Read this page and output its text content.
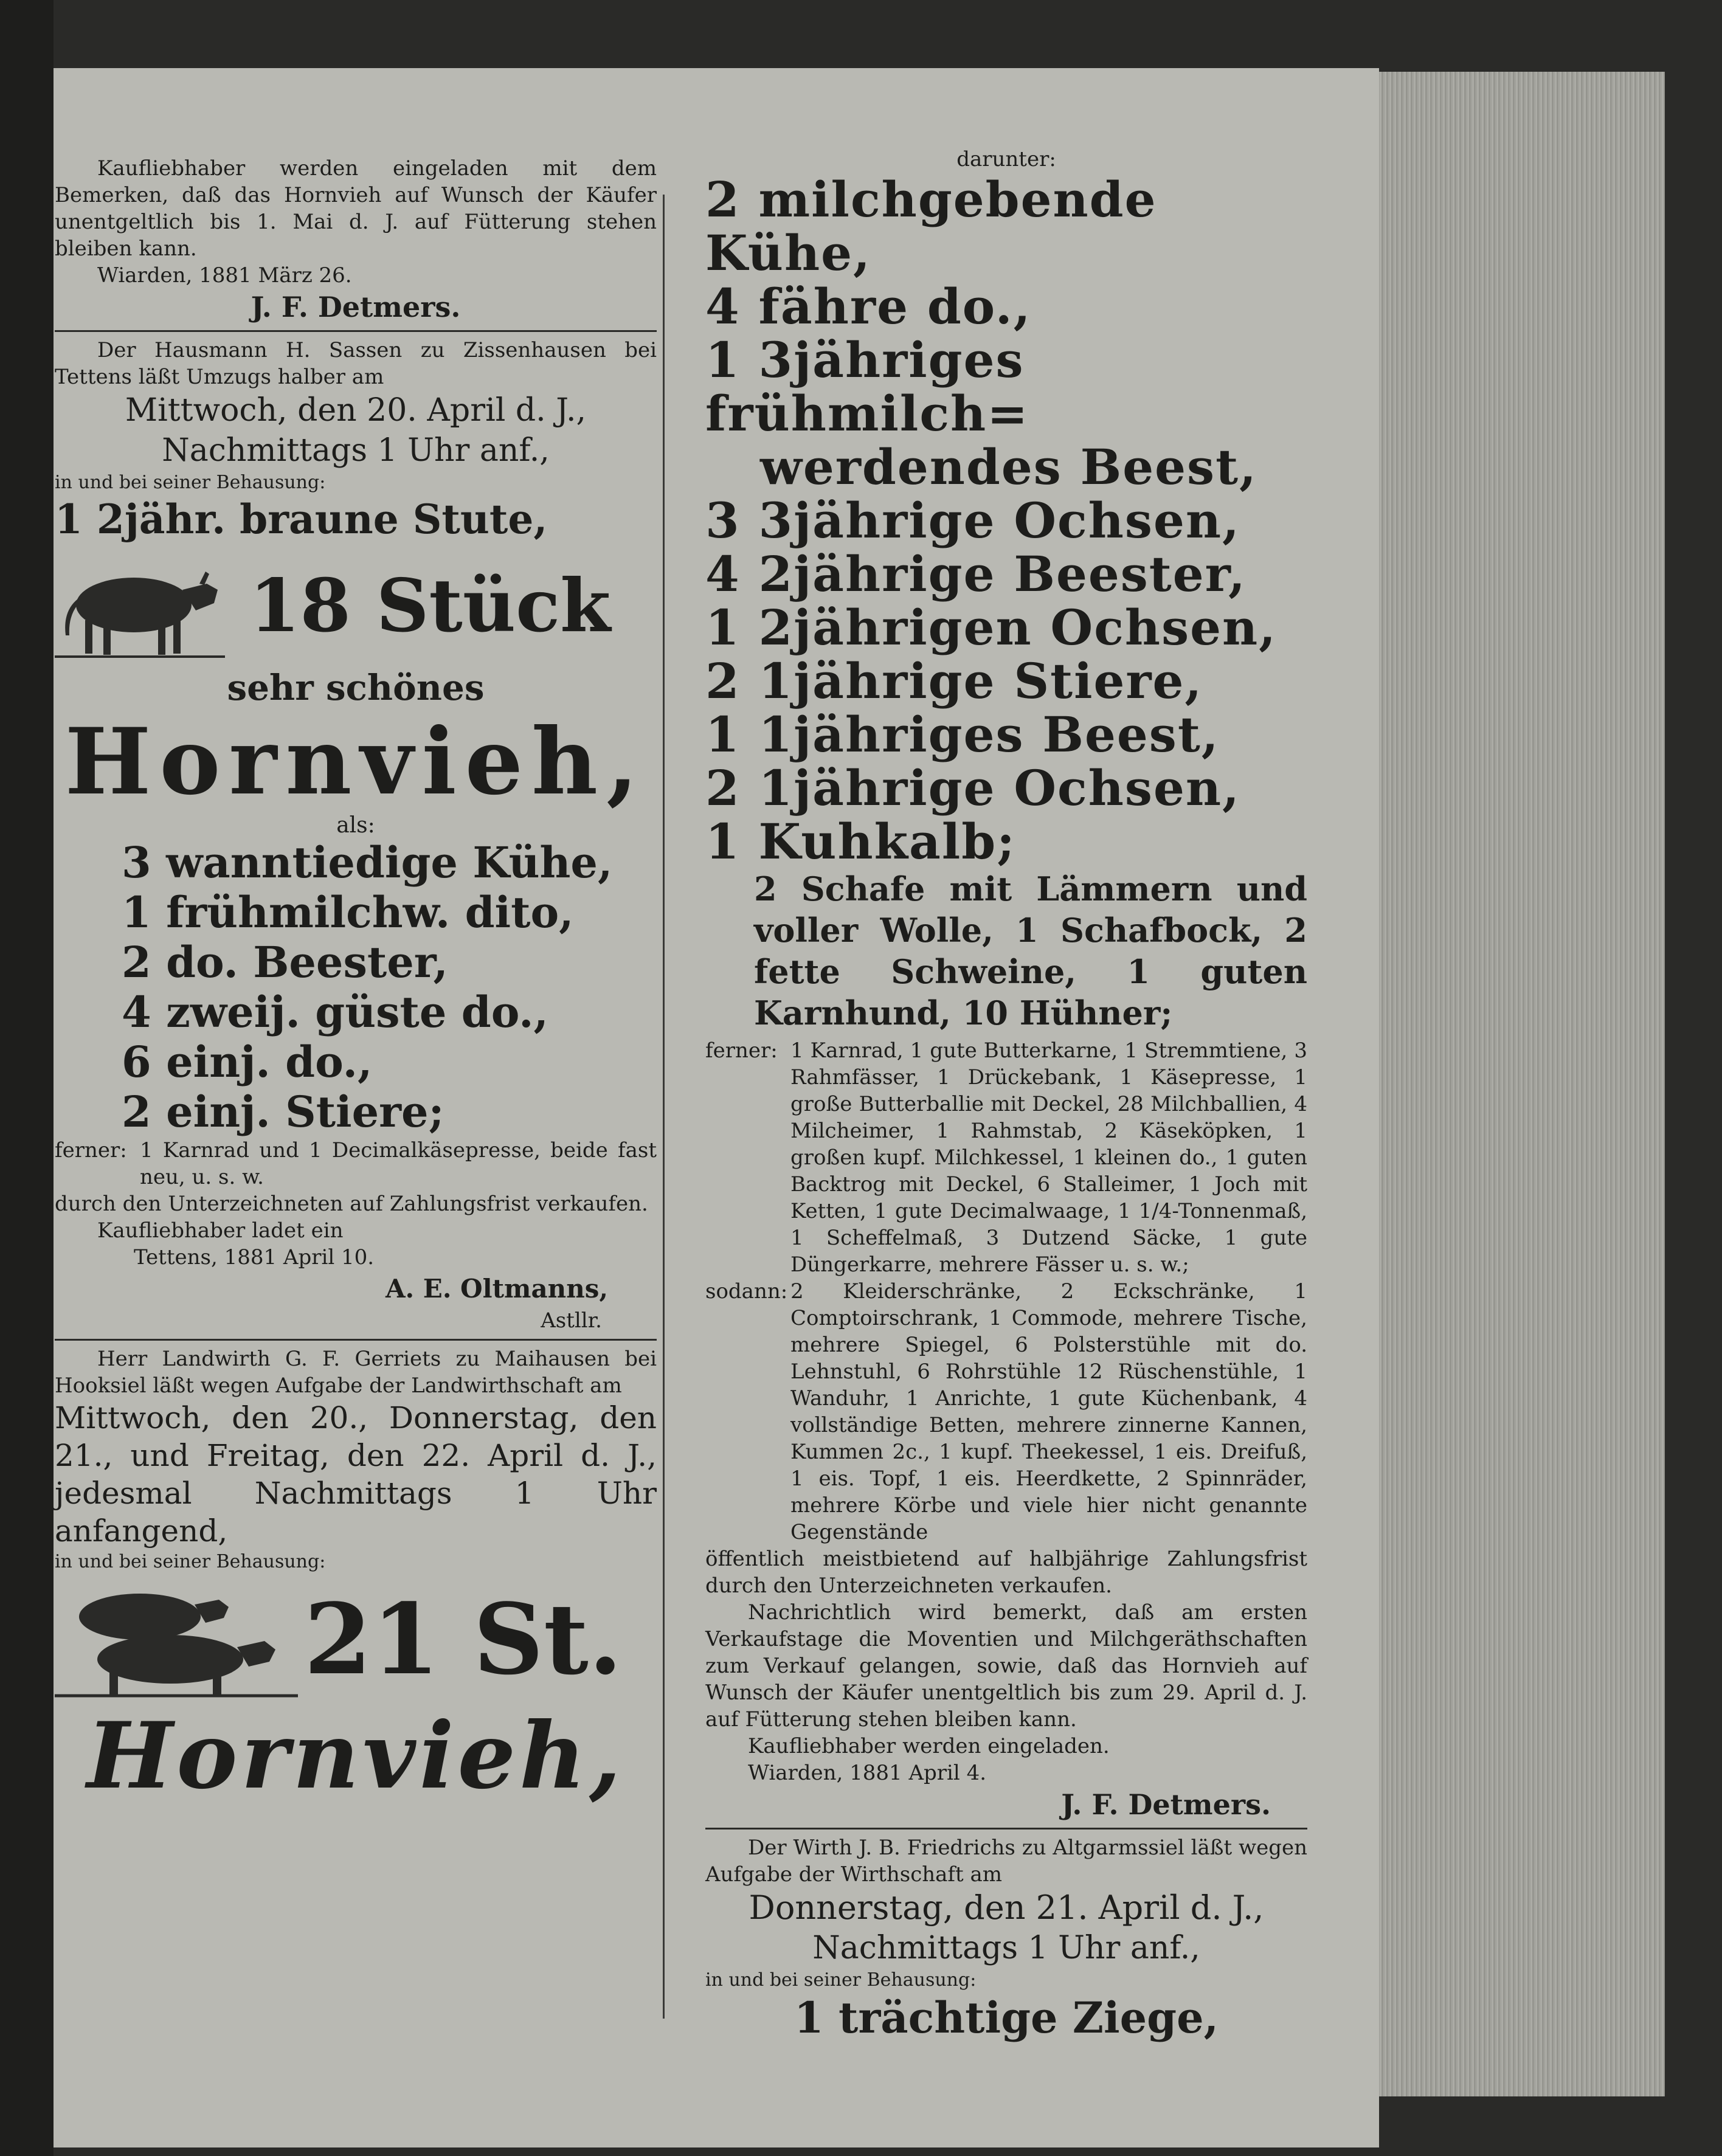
Kaufliebhaber werden eingeladen mit dem Bemerken, daß das Hornvieh auf Wunsch der Käufer unentgeltlich bis 1. Mai d. J. auf Fütterung stehen bleiben kann.

Wiarden, 1881 März 26.

J. F. Detmers.

Der Hausmann H. Sassen zu Zissenhausen bei Tettens läßt Umzugs halber am

Mittwoch, den 20. April d. J.,

Nachmittags 1 Uhr anf.,

in und bei seiner Behausung:

1 2jähr. braune Stute,

18 Stück

sehr schönes

Hornvieh,

als:

3 wanntiedige Kühe,

1 frühmilchw. dito,

2 do. Beester,

4 zweij. güste do.,

6 einj. do.,

2 einj. Stiere;

ferner: 1 Karnrad und 1 Decimalkäsepresse, beide fast neu, u. s. w.

durch den Unterzeichneten auf Zahlungsfrist verkaufen.

Kaufliebhaber ladet ein

Tettens, 1881 April 10.

A. E. Oltmanns,

Astllr.

Herr Landwirth G. F. Gerriets zu Maihausen bei Hooksiel läßt wegen Aufgabe der Landwirthschaft am

Mittwoch, den 20., Donnerstag, den 21., und Freitag, den 22. April d. J., jedesmal Nachmittags 1 Uhr anfangend,

in und bei seiner Behausung:

21 St.

Hornvieh,

darunter:

2 milchgebende Kühe,

4 fähre do.,

1 3jähriges frühmilch=

werdendes Beest,

3 3jährige Ochsen,

4 2jährige Beester,

1 2jährigen Ochsen,

2 1jährige Stiere,

1 1jähriges Beest,

2 1jährige Ochsen,

1 Kuhkalb;

2 Schafe mit Lämmern und voller Wolle, 1 Schafbock, 2 fette Schweine, 1 guten Karnhund, 10 Hühner;

ferner: 1 Karnrad, 1 gute Butterkarne, 1 Stremmtiene, 3 Rahmfässer, 1 Drückebank, 1 Käsepresse, 1 große Butterballie mit Deckel, 28 Milchballien, 4 Milcheimer, 1 Rahmstab, 2 Käseköpken, 1 großen kupf. Milchkessel, 1 kleinen do., 1 guten Backtrog mit Deckel, 6 Stalleimer, 1 Joch mit Ketten, 1 gute Decimalwaage, 1 1/4-Tonnenmaß, 1 Scheffelmaß, 3 Dutzend Säcke, 1 gute Düngerkarre, mehrere Fässer u. s. w.;
sodann: 2 Kleiderschränke, 2 Eckschränke, 1 Comptoirschrank, 1 Commode, mehrere Tische, mehrere Spiegel, 6 Polsterstühle mit do. Lehnstuhl, 6 Rohrstühle 12 Rüschenstühle, 1 Wanduhr, 1 Anrichte, 1 gute Küchenbank, 4 vollständige Betten, mehrere zinnerne Kannen, Kummen 2c., 1 kupf. Theekessel, 1 eis. Dreifuß, 1 eis. Topf, 1 eis. Heerdkette, 2 Spinnräder, mehrere Körbe und viele hier nicht genannte Gegenstände

öffentlich meistbietend auf halbjährige Zahlungsfrist durch den Unterzeichneten verkaufen.

Nachrichtlich wird bemerkt, daß am ersten Verkaufstage die Moventien und Milchgeräthschaften zum Verkauf gelangen, sowie, daß das Hornvieh auf Wunsch der Käufer unentgeltlich bis zum 29. April d. J. auf Fütterung stehen bleiben kann.

Kaufliebhaber werden eingeladen.

Wiarden, 1881 April 4.

J. F. Detmers.

Der Wirth J. B. Friedrichs zu Altgarmssiel läßt wegen Aufgabe der Wirthschaft am

Donnerstag, den 21. April d. J.,

Nachmittags 1 Uhr anf.,

in und bei seiner Behausung:

1 trächtige Ziege,
